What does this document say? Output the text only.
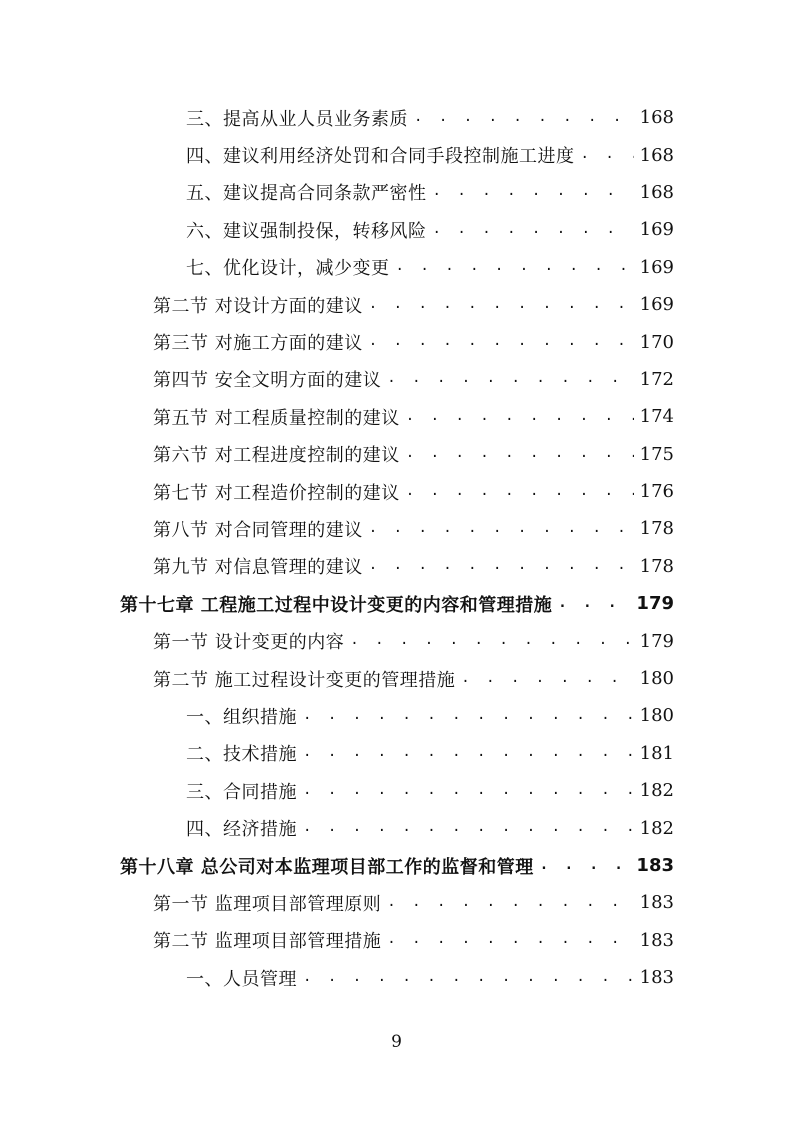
三、提高从业人员业务素质 . . .	168
四、建议利用经济处罚和合同手段控制施工进度 . . .	168
五、建议提高合同条款严密性 . . .	168
六、建议强制投保，转移风险 . . .	169
七、优化设计，减少变更 . . .	169
第二节 对设计方面的建议 . . .	169
第三节 对施工方面的建议 . . .	170
第四节 安全文明方面的建议 . . .	172
第五节 对工程质量控制的建议 . . .	174
第六节 对工程进度控制的建议 . . .	175
第七节 对工程造价控制的建议 . . .	176
第八节 对合同管理的建议 . . .	178
第九节 对信息管理的建议 . . .	178
第十七章 工程施工过程中设计变更的内容和管理措施 . . .	179
第一节 设计变更的内容 . . .	179
第二节 施工过程设计变更的管理措施 . . .	180
一、组织措施 . . .	180
二、技术措施 . . .	181
三、合同措施 . . .	182
四、经济措施 . . .	182
第十八章 总公司对本监理项目部工作的监督和管理 . . .	183
第一节 监理项目部管理原则 . . .	183
第二节 监理项目部管理措施 . . .	183
一、人员管理 . . .	183
9
